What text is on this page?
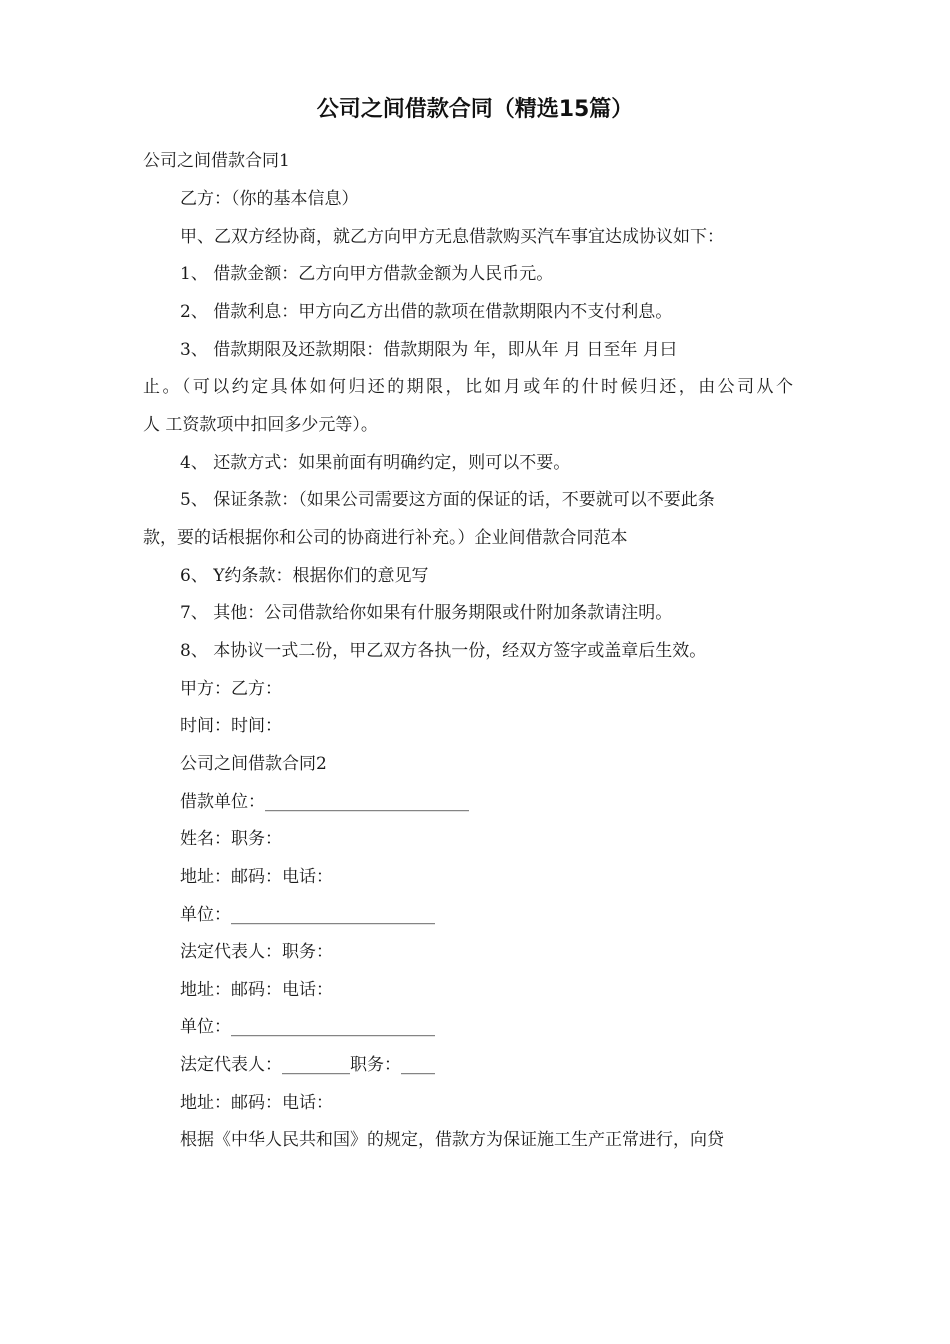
公司之间借款合同（精选15篇）
公司之间借款合同1
乙方：（你的基本信息）
甲、乙双方经协商，就乙方向甲方无息借款购买汽车事宜达成协议如下：
1、 借款金额：乙方向甲方借款金额为人民币元。
2、 借款利息：甲方向乙方出借的款项在借款期限内不支付利息。
3、 借款期限及还款期限：借款期限为 年，即从年 月 日至年 月曰
止。（可以约定具体如何归还的期限，比如月或年的什时候归还，由公司从个
人 工资款项中扣回多少元等）。
4、 还款方式：如果前面有明确约定，则可以不要。
5、 保证条款：（如果公司需要这方面的保证的话，不要就可以不要此条
款，要的话根据你和公司的协商进行补充。）企业间借款合同范本
6、 Y约条款：根据你们的意见写
7、 其他：公司借款给你如果有什服务期限或什附加条款请注明。
8、 本协议一式二份，甲乙双方各执一份，经双方签字或盖章后生效。
甲方：乙方：
时间：时间：
公司之间借款合同2
借款单位：________________________
姓名：职务：
地址：邮码：电话：
单位：________________________
法定代表人：职务：
地址：邮码：电话：
单位：________________________
法定代表人：________职务：____
地址：邮码：电话：
根据《中华人民共和国》的规定，借款方为保证施工生产正常进行，向贷
